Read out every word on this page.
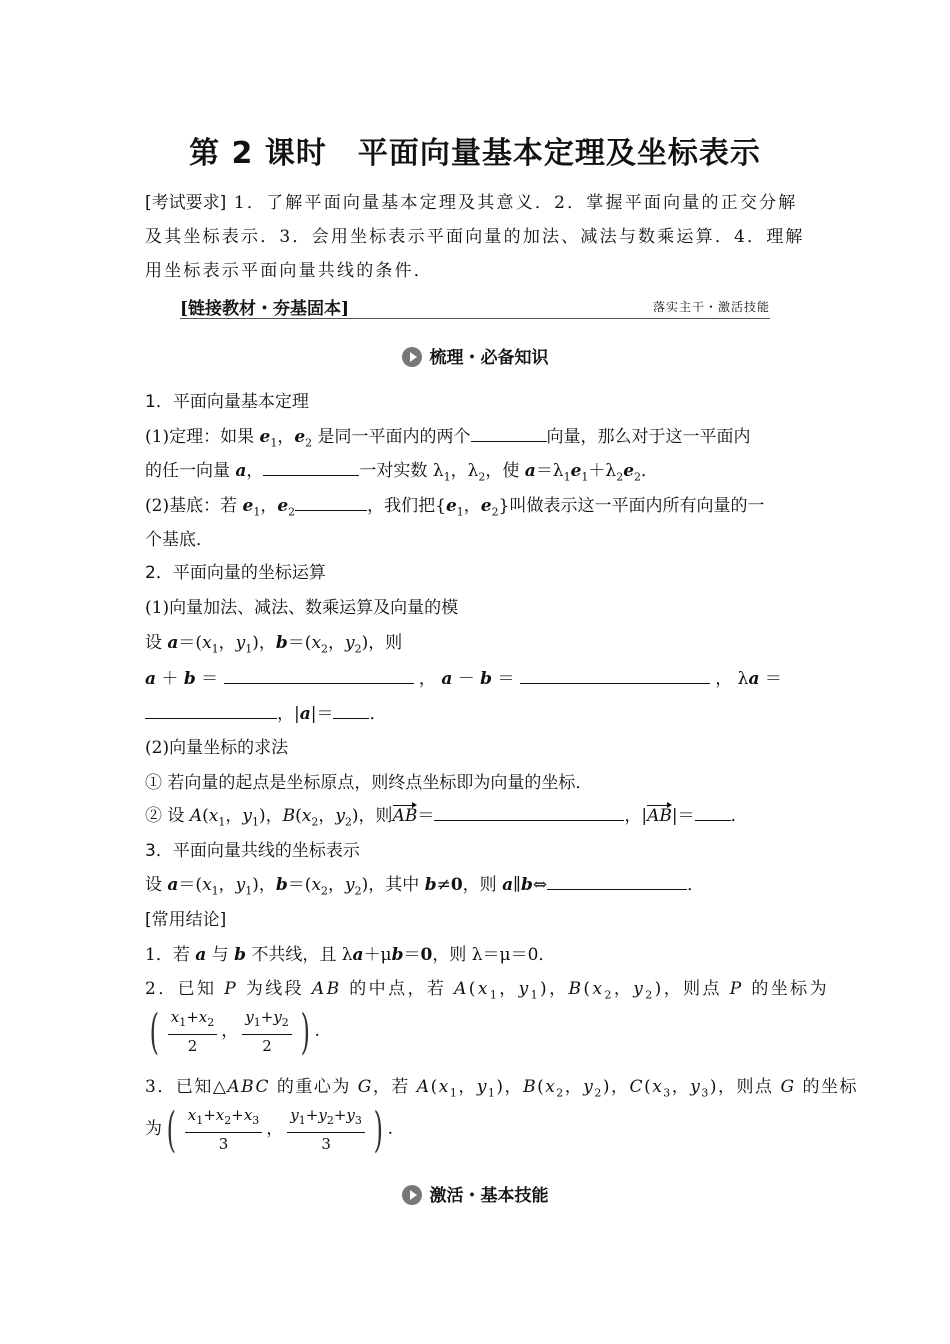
第 2 课时　平面向量基本定理及坐标表示
[考试要求] 1．了解平面向量基本定理及其意义．2．掌握平面向量的正交分解及其坐标表示．3．会用坐标表示平面向量的加法、减法与数乘运算．4．理解用坐标表示平面向量共线的条件．
[链接教材・夯基固本]	落实主干・激活技能
梳理・必备知识
1．平面向量基本定理
(1)定理：如果 $e_1$，$e_2$ 是同一平面内的两个	向量，那么对于这一平面内
的任一向量 a，	一对实数 $\lambda_1$，$\lambda_2$，使 $a=\lambda_1e_1+\lambda_2e_2$．
(2)基底：若 $e_1$，$e_2$	，我们把{$e_1$，$e_2$}叫做表示这一平面内所有向量的一
个基底．
2．平面向量的坐标运算
(1)向量加法、减法、数乘运算及向量的模
设 $a=(x_1$，$y_1$)，$b=(x_2$，$y_2$)，则
a ＋ b ＝	， a － b ＝	， λa ＝
，|a|＝ ．
(2)向量坐标的求法
① 若向量的起点是坐标原点，则终点坐标即为向量的坐标．
② 设 $A(x_1$，$y_1$)，$B(x_2$，$y_2$)，则AB＝	，|AB|＝ ．
3．平面向量共线的坐标表示
设 $a=(x_1$，$y_1$)，$b=(x_2$，$y_2$)，其中 b≠0，则 a∥b⇔	．
[常用结论]
1．若 a 与 b 不共线，且 λa＋μb＝0，则 λ＝μ＝0．
2．已知 P 为线段 AB 的中点，若 $A(x_1$，$y_1$)，$B(x_2$，$y_2$)，则点 P 的坐标为
( $\frac{x_1+x_2}{2}$ ， $\frac{y_1+y_2}{2}$ ) .
3．已知△ABC 的重心为 G，若 $A(x_1$，$y_1$)，$B(x_2$，$y_2$)，$C(x_3$，$y_3$)，则点 G 的坐标
为( $\frac{x_1+x_2+x_3}{3}$ ， $\frac{y_1+y_2+y_3}{3}$ ) .
激活・基本技能
